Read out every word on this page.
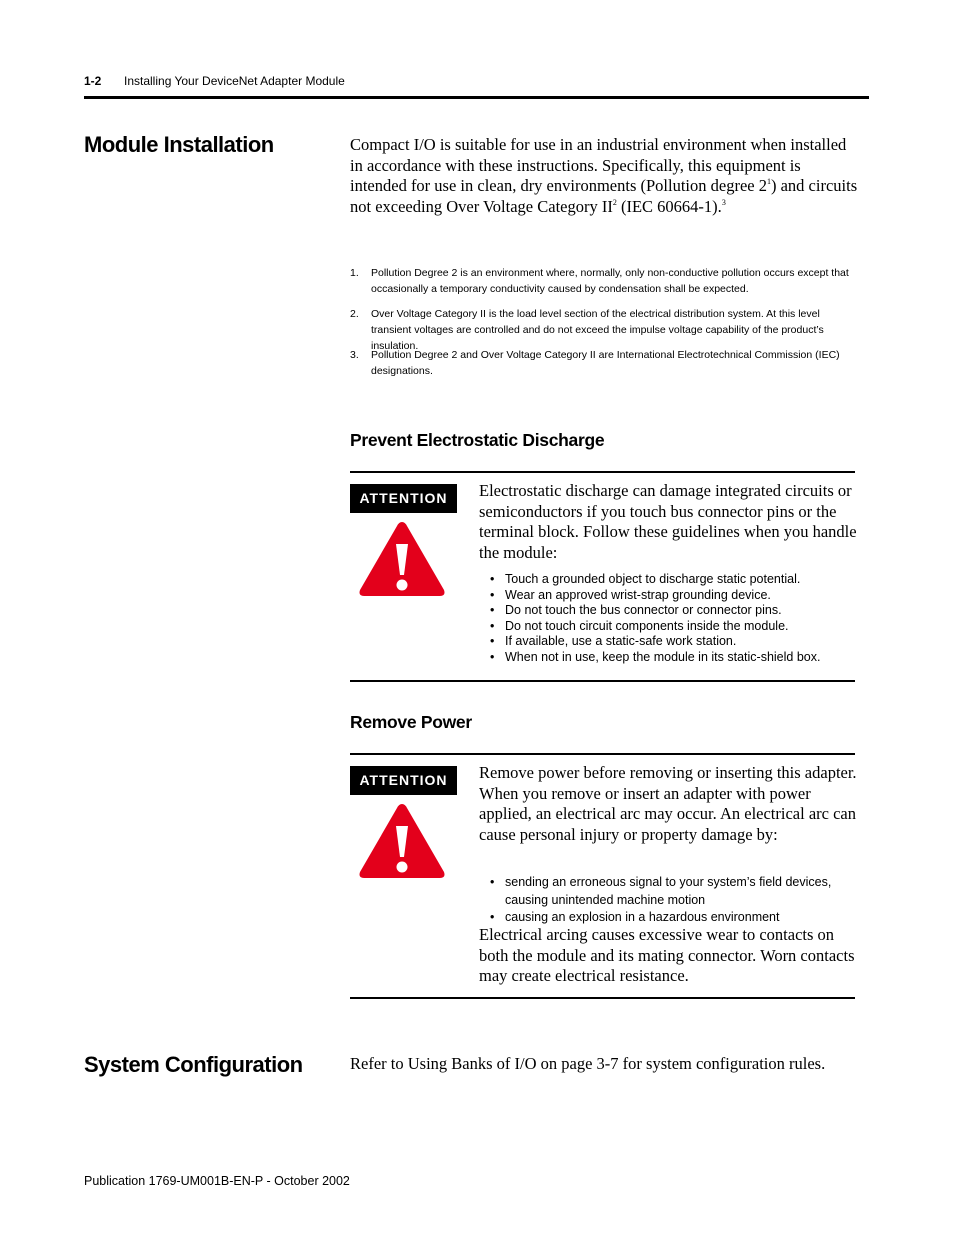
1-2 Installing Your DeviceNet Adapter Module
Module Installation	Compact I/O is suitable for use in an industrial environment when installed in accordance with these instructions. Specifically, this equipment is intended for use in clean, dry environments (Pollution degree $2^1$) and circuits not exceeding Over Voltage Category $II^2$ (IEC 60664-1).$^3$
1. Pollution Degree 2 is an environment where, normally, only non-conductive pollution occurs except that occasionally a temporary conductivity caused by condensation shall be expected.
2. Over Voltage Category II is the load level section of the electrical distribution system. At this level transient voltages are controlled and do not exceed the impulse voltage capability of the product’s insulation.
3. Pollution Degree 2 and Over Voltage Category II are International Electrotechnical Commission (IEC) designations.
Prevent Electrostatic Discharge
ATTENTION	Electrostatic discharge can damage integrated circuits or semiconductors if you touch bus connector pins or the terminal block. Follow these guidelines when you handle the module:
• Touch a grounded object to discharge static potential.
• Wear an approved wrist-strap grounding device.
• Do not touch the bus connector or connector pins.
• Do not touch circuit components inside the module.
• If available, use a static-safe work station.
• When not in use, keep the module in its static-shield box.
Remove Power
ATTENTION	Remove power before removing or inserting this adapter. When you remove or insert an adapter with power applied, an electrical arc may occur. An electrical arc can cause personal injury or property damage by:
• sending an erroneous signal to your system’s field devices, causing unintended machine motion
• causing an explosion in a hazardous environment
Electrical arcing causes excessive wear to contacts on both the module and its mating connector. Worn contacts may create electrical resistance.
System Configuration	Refer to Using Banks of I/O on page 3-7 for system configuration rules.
Publication 1769-UM001B-EN-P - October 2002
